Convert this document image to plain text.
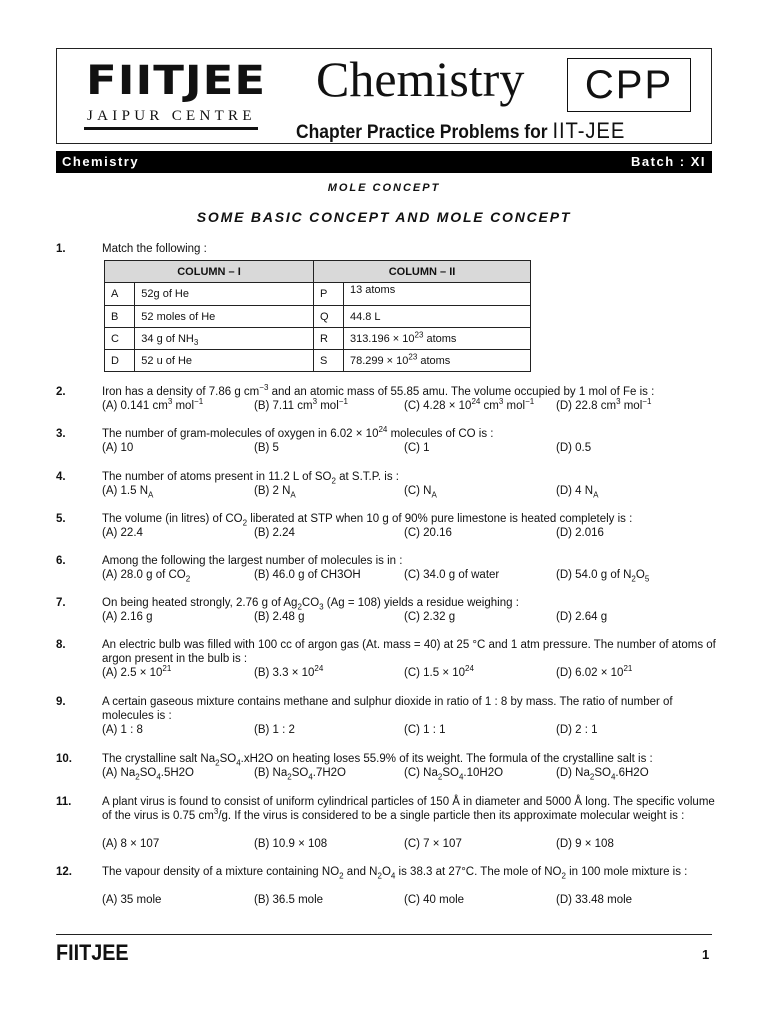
FIITJEE
JAIPUR CENTRE
Chemistry	CPP
Chapter Practice Problems for IIT-JEE
Chemistry	Batch : XI
MOLE CONCEPT
SOME BASIC CONCEPT AND MOLE CONCEPT
1.	Match the following :
COLUMN – I		COLUMN – II	
A	52g of He	P	13 atoms
B	52 moles of He	Q	44.8 L
C	34 g of $NH_3$	R	$313.196 \times 10^{23}$ atoms
D	52 u of He	S	$78.299 \times 10^{23}$ atoms
2.	Iron has a density of 7.86 g $cm^{-3}$ and an atomic mass of 55.85 amu. The volume occupied by 1 mol of Fe is :
(A) 0.141 $cm^3$ mol$^{-1}$	(B) 7.11 $cm^3$ mol$^{-1}$	(C) $4.28 \times 10^{24}$ $cm^3$ mol$^{-1}$ (D) 22.8 $cm^3$ mol$^{-1}$
3.	The number of gram-molecules of oxygen in $6.02 \times 10^{24}$ molecules of CO is :
(A) 10	(B) 5	(C) 1	(D) 0.5
4.	The number of atoms present in 11.2 L of $SO_2$ at S.T.P. is :
(A) 1.5 $N_A$	(B) 2 $N_A$	(C) $N_A$	(D) 4 $N_A$
5.	The volume (in litres) of $CO_2$ liberated at STP when 10 g of 90% pure limestone is heated completely is :
(A) 22.4	(B) 2.24	(C) 20.16	(D) 2.016
6.	Among the following the largest number of molecules is in :
(A) 28.0 g of $CO_2$	(B) 46.0 g of CH3OH	(C) 34.0 g of water	(D) 54.0 g of $N_2O_5$
7.	On being heated strongly, 2.76 g of $Ag_2CO_3$ (Ag = 108) yields a residue weighing :
(A) 2.16 g	(B) 2.48 g	(C) 2.32 g	(D) 2.64 g
8.	An electric bulb was filled with 100 cc of argon gas (At. mass = 40) at 25 °C and 1 atm pressure. The number of atoms of argon present in the bulb is :
(A) $2.5 \times 10^{21}$	(B) $3.3 \times 10^{24}$	(C) $1.5 \times 10^{24}$	(D) $6.02 \times 10^{21}$
9.	A certain gaseous mixture contains methane and sulphur dioxide in ratio of 1 : 8 by mass. The ratio of number of molecules is :
(A) 1 : 8	(B) 1 : 2	(C) 1 : 1	(D) 2 : 1
10.	The crystalline salt $Na_2SO_4.xH2O$ on heating loses 55.9% of its weight. The formula of the crystalline salt is :
(A) $Na_2SO_4.5H2O$	(B) $Na_2SO_4.7H2O$	(C) $Na_2SO_4.10H2O$	(D) $Na_2SO_4.6H2O$
11.	A plant virus is found to consist of uniform cylindrical particles of 150 Å in diameter and 5000 Å long. The specific volume of the virus is 0.75 $cm^3/g$. If the virus is considered to be a single particle then its approximate molecular weight is :
(A) 8 × 107	(B) 10.9 × 108	(C) 7 × 107	(D) 9 × 108
12.	The vapour density of a mixture containing $NO_2$ and $N_2O_4$ is 38.3 at 27°C. The mole of $NO_2$ in 100 mole mixture is :
(A) 35 mole	(B) 36.5 mole	(C) 40 mole	(D) 33.48 mole
FIITJEE	1
